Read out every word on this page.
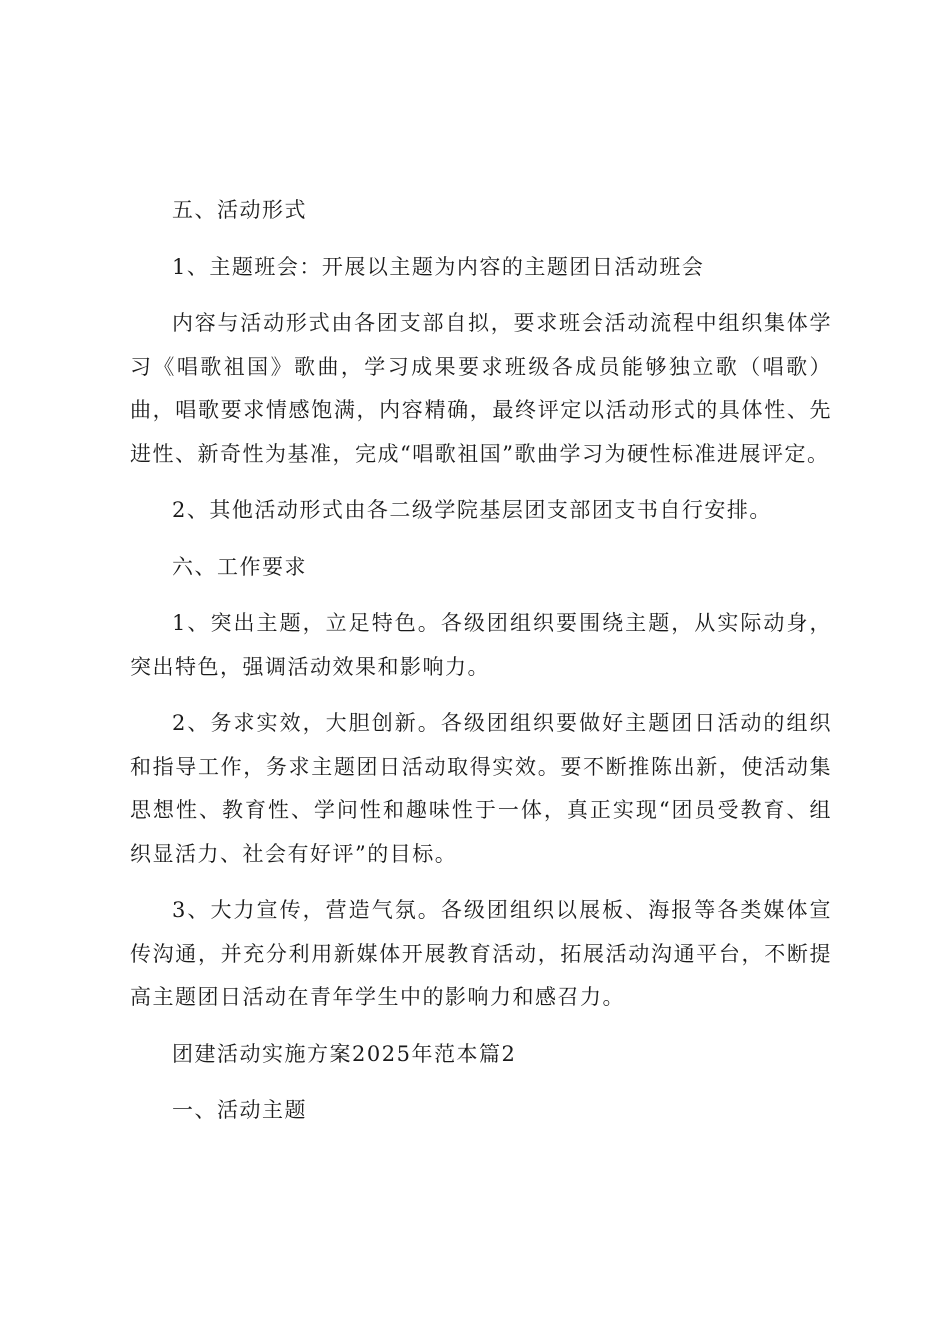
五、活动形式

1、主题班会：开展以主题为内容的主题团日活动班会

内容与活动形式由各团支部自拟，要求班会活动流程中组织集体学习《唱歌祖国》歌曲，学习成果要求班级各成员能够独立歌（唱歌）曲，唱歌要求情感饱满，内容精确，最终评定以活动形式的具体性、先进性、新奇性为基准，完成“唱歌祖国”歌曲学习为硬性标准进展评定。

2、其他活动形式由各二级学院基层团支部团支书自行安排。

六、工作要求

1、突出主题，立足特色。各级团组织要围绕主题，从实际动身，突出特色，强调活动效果和影响力。

2、务求实效，大胆创新。各级团组织要做好主题团日活动的组织和指导工作，务求主题团日活动取得实效。要不断推陈出新，使活动集思想性、教育性、学问性和趣味性于一体，真正实现“团员受教育、组织显活力、社会有好评”的目标。

3、大力宣传，营造气氛。各级团组织以展板、海报等各类媒体宣传沟通，并充分利用新媒体开展教育活动，拓展活动沟通平台，不断提高主题团日活动在青年学生中的影响力和感召力。

团建活动实施方案2025年范本篇2

一、活动主题
